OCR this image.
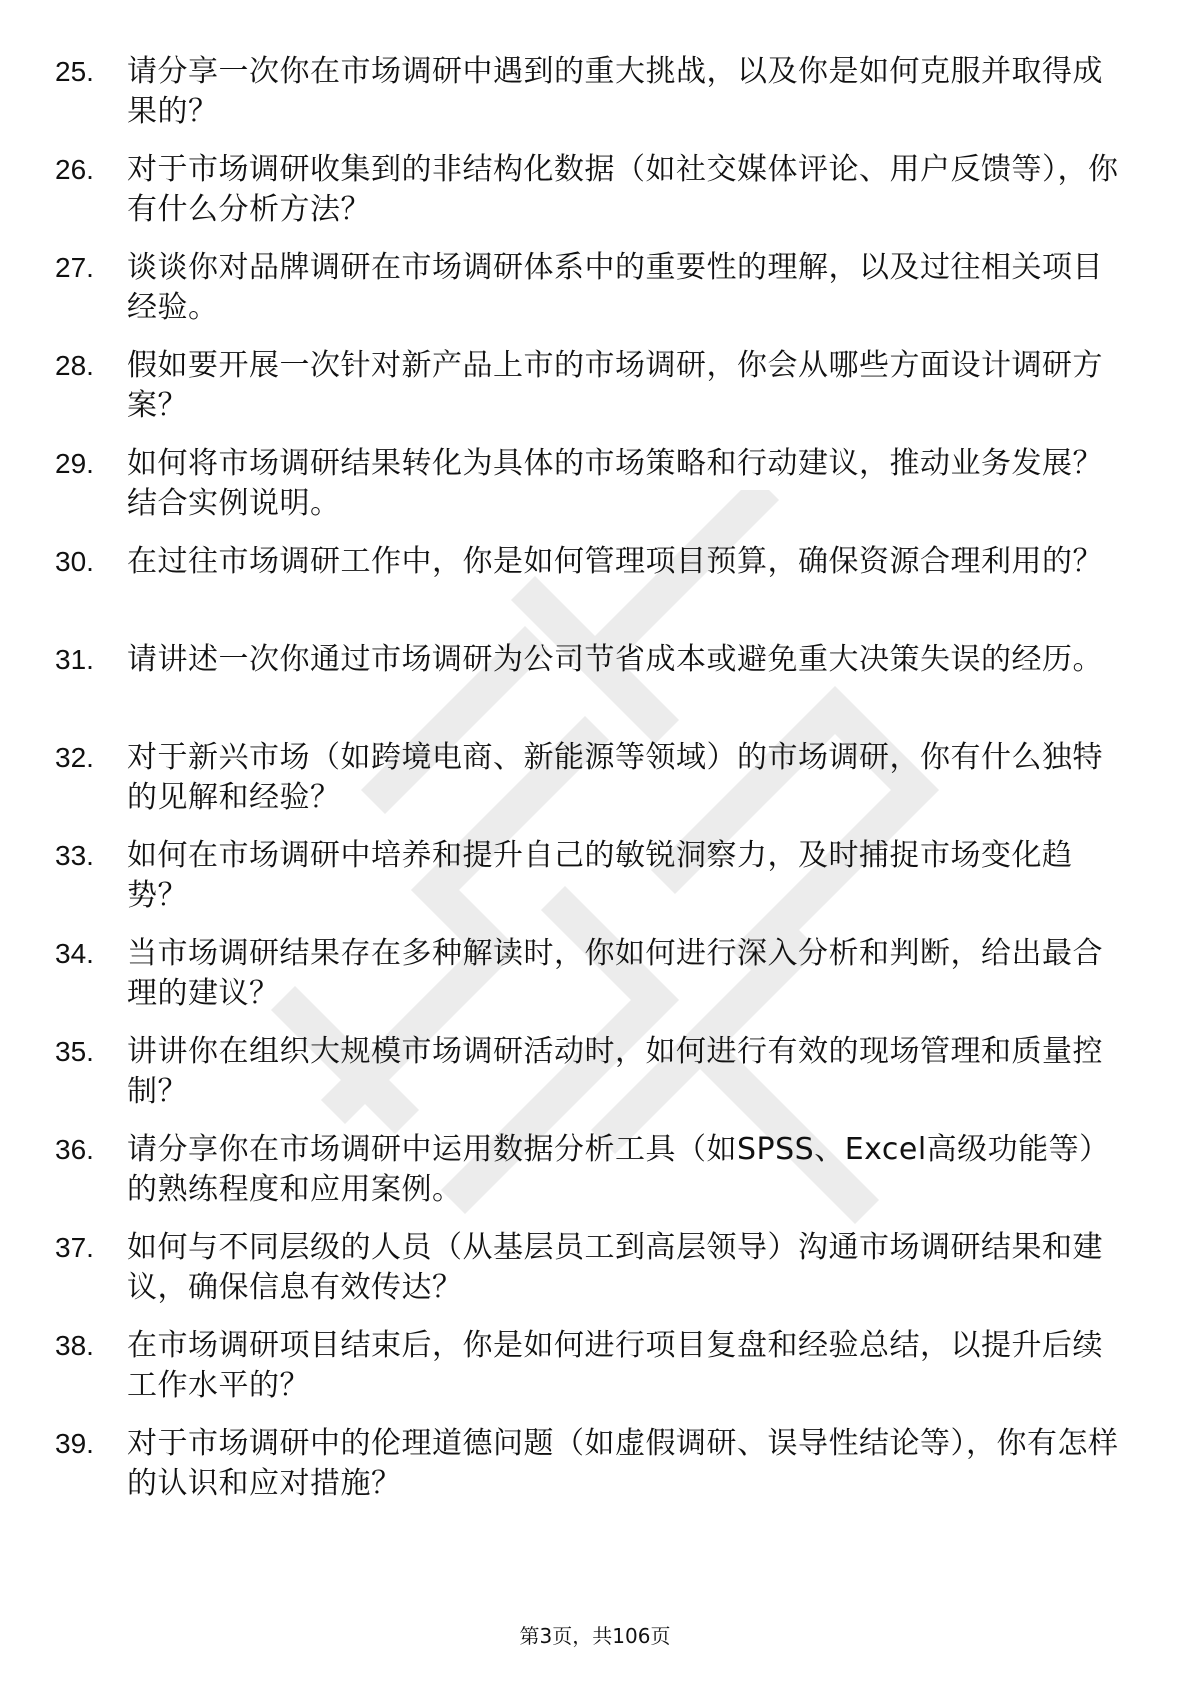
25.	请分享一次你在市场调研中遇到的重大挑战，以及你是如何克服并取得成果的？
26.	对于市场调研收集到的非结构化数据（如社交媒体评论、用户反馈等），你有什么分析方法？
27.	谈谈你对品牌调研在市场调研体系中的重要性的理解，以及过往相关项目经验。
28.	假如要开展一次针对新产品上市的市场调研，你会从哪些方面设计调研方案？
29.	如何将市场调研结果转化为具体的市场策略和行动建议，推动业务发展？结合实例说明。
30.	在过往市场调研工作中，你是如何管理项目预算，确保资源合理利用的？
31.	请讲述一次你通过市场调研为公司节省成本或避免重大决策失误的经历。
32.	对于新兴市场（如跨境电商、新能源等领域）的市场调研，你有什么独特的见解和经验？
33.	如何在市场调研中培养和提升自己的敏锐洞察力，及时捕捉市场变化趋势？
34.	当市场调研结果存在多种解读时，你如何进行深入分析和判断，给出最合理的建议？
35.	讲讲你在组织大规模市场调研活动时，如何进行有效的现场管理和质量控制？
36.	请分享你在市场调研中运用数据分析工具（如SPSS、Excel高级功能等）的熟练程度和应用案例。
37.	如何与不同层级的人员（从基层员工到高层领导）沟通市场调研结果和建议，确保信息有效传达？
38.	在市场调研项目结束后，你是如何进行项目复盘和经验总结，以提升后续工作水平的？
39.	对于市场调研中的伦理道德问题（如虚假调研、误导性结论等），你有怎样的认识和应对措施？
第3页，共106页
